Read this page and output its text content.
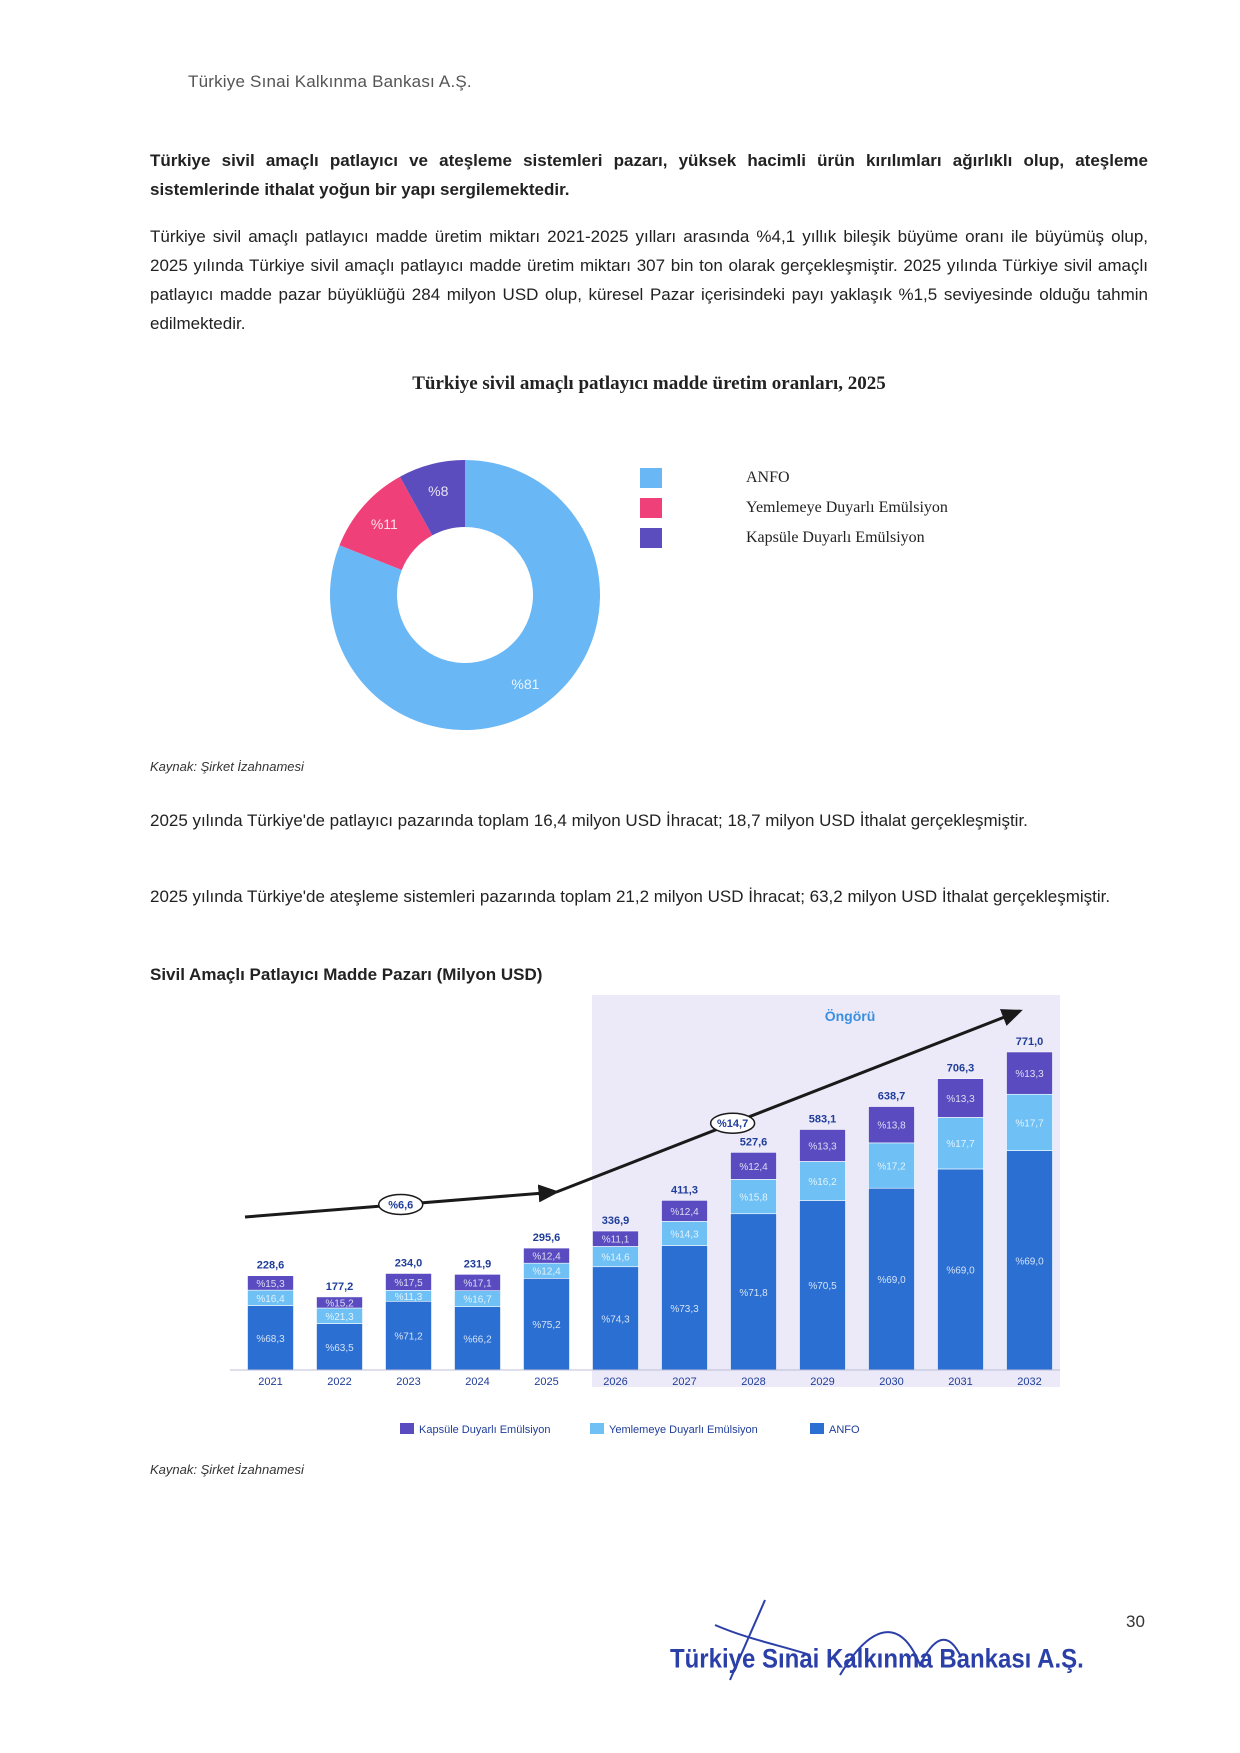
Türkiye Sınai Kalkınma Bankası A.Ş.
Türkiye sivil amaçlı patlayıcı ve ateşleme sistemleri pazarı, yüksek hacimli ürün kırılımları ağırlıklı olup, ateşleme sistemlerinde ithalat yoğun bir yapı sergilemektedir.
Türkiye sivil amaçlı patlayıcı madde üretim miktarı 2021-2025 yılları arasında %4,1 yıllık bileşik büyüme oranı ile büyümüş olup, 2025 yılında Türkiye sivil amaçlı patlayıcı madde üretim miktarı 307 bin ton olarak gerçekleşmiştir. 2025 yılında Türkiye sivil amaçlı patlayıcı madde pazar büyüklüğü 284 milyon USD olup, küresel Pazar içerisindeki payı yaklaşık %1,5 seviyesinde olduğu tahmin edilmektedir.
Türkiye sivil amaçlı patlayıcı madde üretim oranları, 2025
%81
%11
%8
ANFO
Yemlemeye Duyarlı Emülsiyon
Kapsüle Duyarlı Emülsiyon
Kaynak: Şirket İzahnamesi
2025 yılında Türkiye'de patlayıcı pazarında toplam 16,4 milyon USD İhracat; 18,7 milyon USD İthalat gerçekleşmiştir.
2025 yılında Türkiye'de ateşleme sistemleri pazarında toplam 21,2 milyon USD İhracat; 63,2 milyon USD İthalat gerçekleşmiştir.
Sivil Amaçlı Patlayıcı Madde Pazarı (Milyon USD)
Öngörü
%6,6
%14,7
%68,3
%16,4
%15,3
228,6
2021
%63,5
%21,3
%15,2
177,2
2022
%71,2
%11,3
%17,5
234,0
2023
%66,2
%16,7
%17,1
231,9
2024
%75,2
%12,4
%12,4
295,6
2025
%74,3
%14,6
%11,1
336,9
2026
%73,3
%14,3
%12,4
411,3
2027
%71,8
%15,8
%12,4
527,6
2028
%70,5
%16,2
%13,3
583,1
2029
%69,0
%17,2
%13,8
638,7
2030
%69,0
%17,7
%13,3
706,3
2031
%69,0
%17,7
%13,3
771,0
2032
Kapsüle Duyarlı Emülsiyon	Yemlemeye Duyarlı Emülsiyon	ANFO
Kaynak: Şirket İzahnamesi
Türkiye Sınai Kalkınma Bankası A.Ş.
30
